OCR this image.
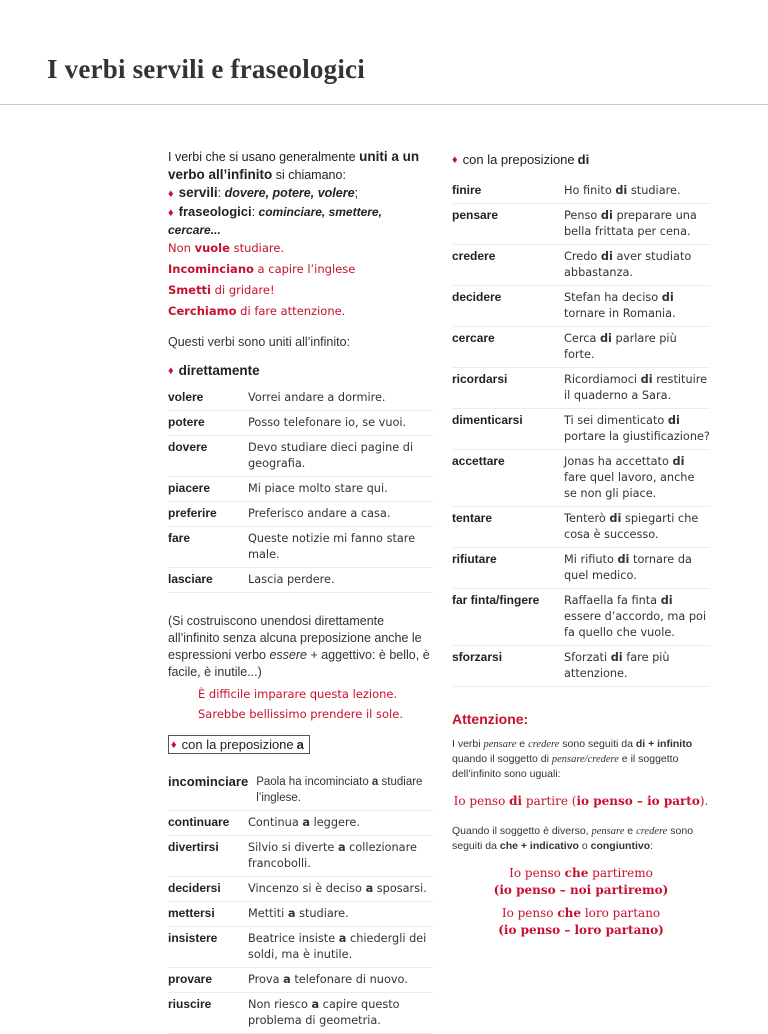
I verbi servili e fraseologici
I verbi che si usano generalmente uniti a un verbo all’infinito si chiamano:
♦ servili: dovere, potere, volere;
♦ fraseologici: cominciare, smettere, cercare...
Non vuole studiare.
Incominciano a capire l’inglese
Smetti di gridare!
Cerchiamo di fare attenzione.
Questi verbi sono uniti all’infinito:
♦ direttamente
volere	Vorrei andare a dormire.
potere	Posso telefonare io, se vuoi.
dovere	Devo studiare dieci pagine di geografia.
piacere	Mi piace molto stare qui.
preferire	Preferisco andare a casa.
fare	Queste notizie mi fanno stare male.
lasciare	Lascia perdere.
(Si costruiscono unendosi direttamente all’infinito senza alcuna preposizione anche le espressioni verbo essere + aggettivo: è bello, è facile, è inutile...)
È difficile imparare questa lezione.
Sarebbe bellissimo prendere il sole.
♦ con la preposizione a
incominciare Paola ha incominciato a studiare l’inglese.
continuare	Continua a leggere.
divertirsi	Silvio si diverte a collezionare francobolli.
decidersi	Vincenzo si è deciso a sposarsi.
mettersi	Mettiti a studiare.
insistere	Beatrice insiste a chiedergli dei soldi, ma è inutile.
provare	Prova a telefonare di nuovo.
riuscire	Non riesco a capire questo problema di geometria.
♦ con la preposizione di
finire	Ho finito di studiare.
pensare	Penso di preparare una bella frittata per cena.
credere	Credo di aver studiato abbastanza.
decidere	Stefan ha deciso di tornare in Romania.
cercare	Cerca di parlare più forte.
ricordarsi	Ricordiamoci di restituire il quaderno a Sara.
dimenticarsi	Ti sei dimenticato di portare la giustificazione?
accettare	Jonas ha accettato di fare quel lavoro, anche se non gli piace.
tentare	Tenterò di spiegarti che cosa è successo.
rifiutare	Mi rifiuto di tornare da quel medico.
far finta/fingere	Raffaella fa finta di essere d’accordo, ma poi fa quello che vuole.
sforzarsi	Sforzati di fare più attenzione.
Attenzione:
I verbi pensare e credere sono seguiti da di + infinito quando il soggetto di pensare/credere e il soggetto dell’infinito sono uguali:
Io penso di partire (io penso – io parto).
Quando il soggetto è diverso, pensare e credere sono seguiti da che + indicativo o congiuntivo:
Io penso che partiremo
(io penso – noi partiremo)
Io penso che loro partano
(io penso – loro partano)
